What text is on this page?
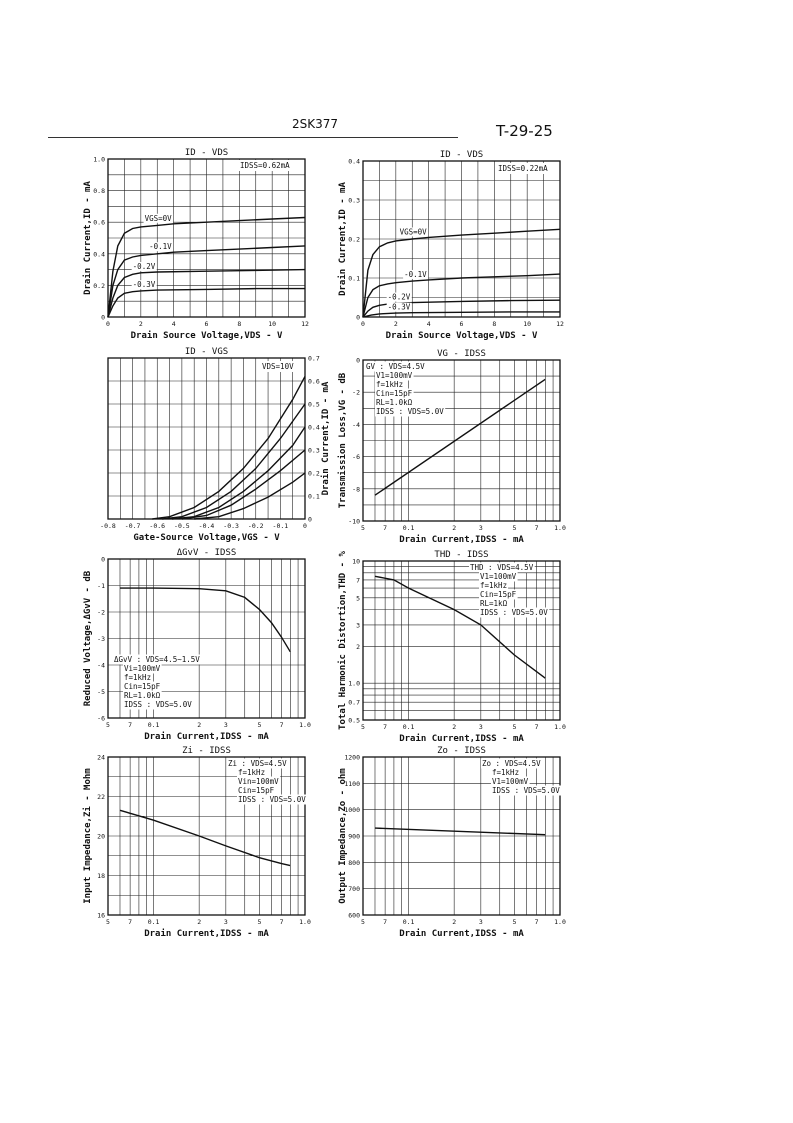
2SK377	T-29-25
0	2	4	6	8	10	12
0
0.2
0.4
0.6
0.8
1.0
ID - VDS
Drain Source Voltage,VDS - V
Drain Current,ID - mA	VGS=0V
-0.1V
-0.2V
-0.3V
IDSS=0.62mA
0	2	4	6	8	10	12
0
0.1
0.2
0.3
0.4
ID - VDS
Drain Source Voltage,VDS - V
Drain Current,ID - mA	VGS=0V
-0.1V
-0.2V
-0.3V
IDSS=0.22mA
-0.8 -0.7 -0.6 -0.5 -0.4 -0.3 -0.2 -0.1 0
0
0.1
0.2
0.3
0.4
0.5
0.6
0.7
ID - VGS
Gate-Source Voltage,VGS - V
Drain Current,ID - mA
VDS=10V
5	7 0.1	2	3	5	7 1.0
0
-2
-4
-6
-8
-10
VG - IDSS
Drain Current,IDSS - mA
Transmission Loss,VG - dB
GV : VDS=4.5V
V1=100mV
f=1kHz
Cin=15pF
RL=1.0kΩ
IDSS : VDS=5.0V
5	7 0.1	2	3	5	7 1.0
0
-1
-2
-3
-4
-5
-6
ΔGvV - IDSS
Drain Current,IDSS - mA
Reduced Voltage,ΔGvV - dB	ΔGvV : VDS=4.5~1.5V
Vi=100mV
f=1kHz
Cin=15pF
RL=1.0kΩ
IDSS : VDS=5.0V
5	7 0.1	2	3	5	7 1.0
10
7
5
3
2
1.0
0.7
0.5
THD - IDSS
Drain Current,IDSS - mA
Total Harmonic Distortion,THD - %	THD : VDS=4.5V
V1=100mV
f=1kHz
Cin=15pF
RL=1kΩ
IDSS : VDS=5.0V
5	7 0.1	2	3	5	7 1.0
16
18
20
22
24
Zi - IDSS
Drain Current,IDSS - mA
Input Impedance,Zi - Mohm
Zi : VDS=4.5V
f=1kHz
Vin=100mV
Cin=15pF
IDSS : VDS=5.0V
5	7 0.1	2	3	5	7 1.0
600
700
800
900
1000
1100
1200
Zo - IDSS
Drain Current,IDSS - mA
Output Impedance,Zo - ohm
Zo : VDS=4.5V
f=1kHz
V1=100mV
IDSS : VDS=5.0V
